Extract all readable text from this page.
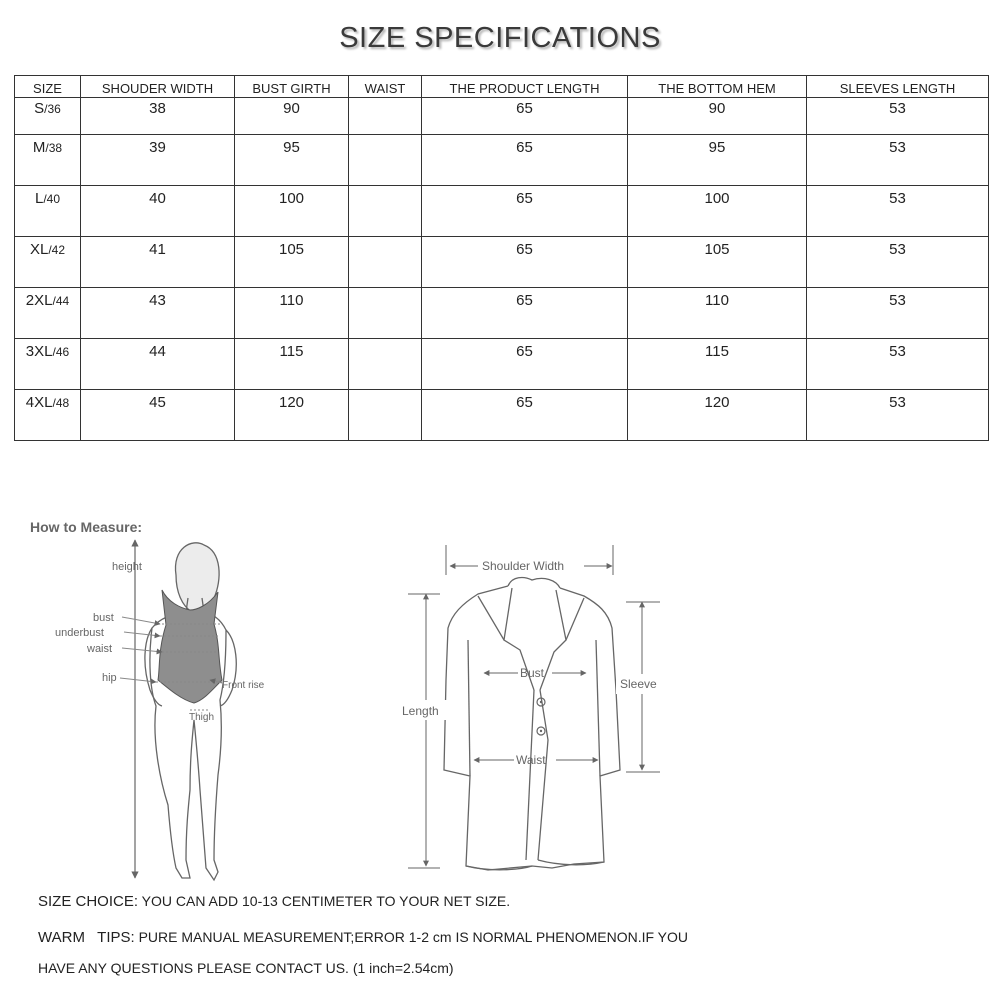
SIZE SPECIFICATIONS
SIZE	SHOUDER WIDTH	BUST GIRTH	WAIST	THE PRODUCT LENGTH	THE BOTTOM HEM	SLEEVES LENGTH
S/36	38	90		65	90	53
M/38	39	95		65	95	53
L/40	40	100		65	100	53
XL/42	41	105		65	105	53
2XL/44	43	110		65	110	53
3XL/46	44	115		65	115	53
4XL/48	45	120		65	120	53
How to Measure:
height
bust
underbust
waist
hip
Front rise
Thigh
Shoulder Width
Bust
Waist
Length
Sleeve
SIZE CHOICE: YOU CAN ADD 10-13 CENTIMETER TO YOUR NET SIZE.
WARM   TIPS: PURE MANUAL MEASUREMENT;ERROR 1-2 cm IS NORMAL PHENOMENON.IF YOU
HAVE ANY QUESTIONS PLEASE CONTACT US. (1 inch=2.54cm)
